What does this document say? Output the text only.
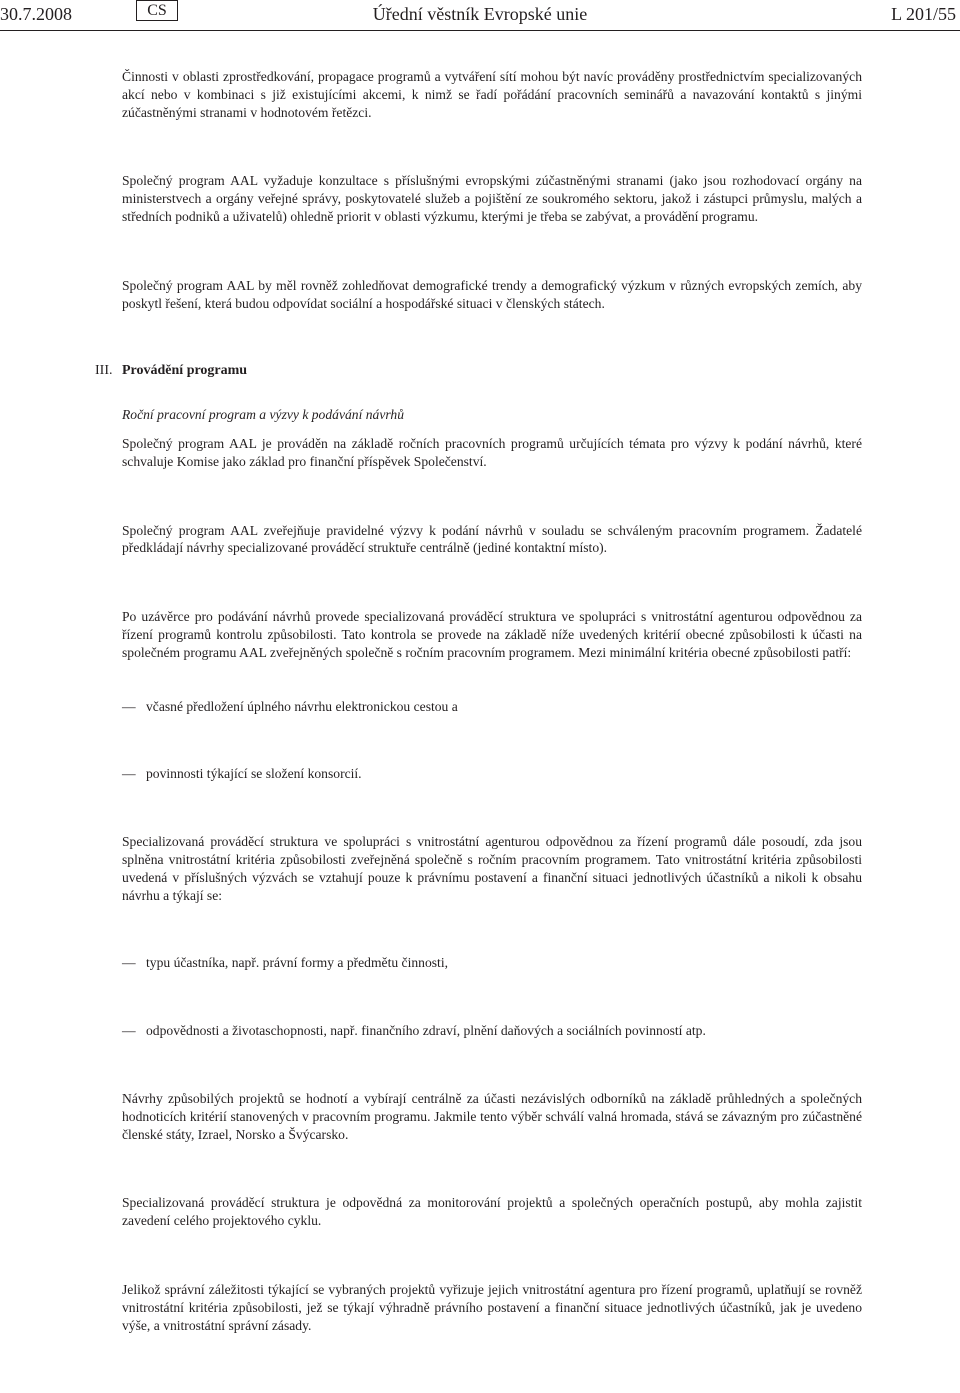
30.7.2008	CS	Úřední věstník Evropské unie	L 201/55

Činnosti v oblasti zprostředkování, propagace programů a vytváření sítí mohou být navíc prováděny prostřednictvím specializovaných akcí nebo v kombinaci s již existujícími akcemi, k nimž se řadí pořádání pracovních seminářů a navazování kontaktů s jinými zúčastněnými stranami v hodnotovém řetězci.

Společný program AAL vyžaduje konzultace s příslušnými evropskými zúčastněnými stranami (jako jsou rozhodovací orgány na ministerstvech a orgány veřejné správy, poskytovatelé služeb a pojištění ze soukromého sektoru, jakož i zástupci průmyslu, malých a středních podniků a uživatelů) ohledně priorit v oblasti výzkumu, kterými je třeba se zabývat, a provádění programu.

Společný program AAL by měl rovněž zohledňovat demografické trendy a demografický výzkum v různých evropských zemích, aby poskytl řešení, která budou odpovídat sociální a hospodářské situaci v členských státech.

III. Provádění programu

Roční pracovní program a výzvy k podávání návrhů

Společný program AAL je prováděn na základě ročních pracovních programů určujících témata pro výzvy k podání návrhů, které schvaluje Komise jako základ pro finanční příspěvek Společenství.

Společný program AAL zveřejňuje pravidelné výzvy k podání návrhů v souladu se schváleným pracovním programem. Žadatelé předkládají návrhy specializované prováděcí struktuře centrálně (jediné kontaktní místo).

Po uzávěrce pro podávání návrhů provede specializovaná prováděcí struktura ve spolupráci s vnitrostátní agenturou odpovědnou za řízení programů kontrolu způsobilosti. Tato kontrola se provede na základě níže uvedených kritérií obecné způsobilosti k účasti na společném programu AAL zveřejněných společně s ročním pracovním programem. Mezi minimální kritéria obecné způsobilosti patří:

— včasné předložení úplného návrhu elektronickou cestou a
— povinnosti týkající se složení konsorcií.

Specializovaná prováděcí struktura ve spolupráci s vnitrostátní agenturou odpovědnou za řízení programů dále posoudí, zda jsou splněna vnitrostátní kritéria způsobilosti zveřejněná společně s ročním pracovním programem. Tato vnitrostátní kritéria způsobilosti uvedená v příslušných výzvách se vztahují pouze k právnímu postavení a finanční situaci jednotlivých účastníků a nikoli k obsahu návrhu a týkají se:

— typu účastníka, např. právní formy a předmětu činnosti,
— odpovědnosti a životaschopnosti, např. finančního zdraví, plnění daňových a sociálních povinností atp.

Návrhy způsobilých projektů se hodnotí a vybírají centrálně za účasti nezávislých odborníků na základě průhledných a společných hodnoticích kritérií stanovených v pracovním programu. Jakmile tento výběr schválí valná hromada, stává se závazným pro zúčastněné členské státy, Izrael, Norsko a Švýcarsko.

Specializovaná prováděcí struktura je odpovědná za monitorování projektů a společných operačních postupů, aby mohla zajistit zavedení celého projektového cyklu.

Jelikož správní záležitosti týkající se vybraných projektů vyřizuje jejich vnitrostátní agentura pro řízení programů, uplatňují se rovněž vnitrostátní kritéria způsobilosti, jež se týkají výhradně právního postavení a finanční situace jednotlivých účastníků, jak je uvedeno výše, a vnitrostátní správní zásady.
